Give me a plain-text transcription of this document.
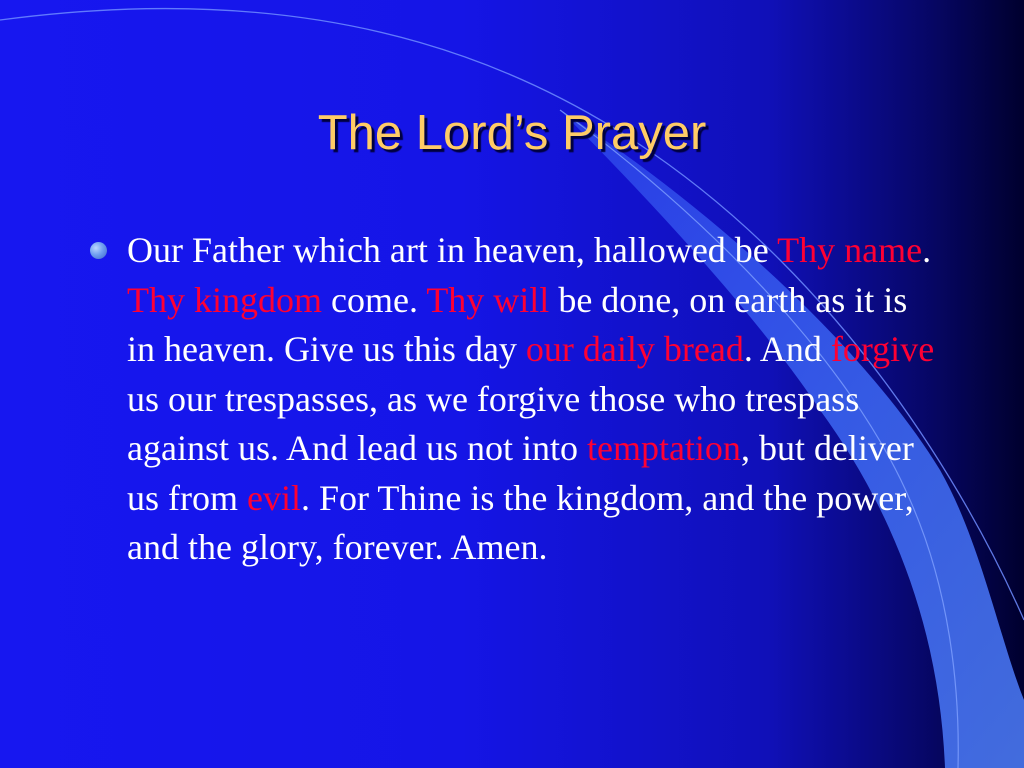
The Lord’s Prayer
Our Father which art in heaven, hallowed be Thy name. Thy kingdom come. Thy will be done, on earth as it is in heaven. Give us this day our daily bread. And forgive us our trespasses, as we forgive those who trespass against us. And lead us not into temptation, but deliver us from evil. For Thine is the kingdom, and the power, and the glory, forever. Amen.
